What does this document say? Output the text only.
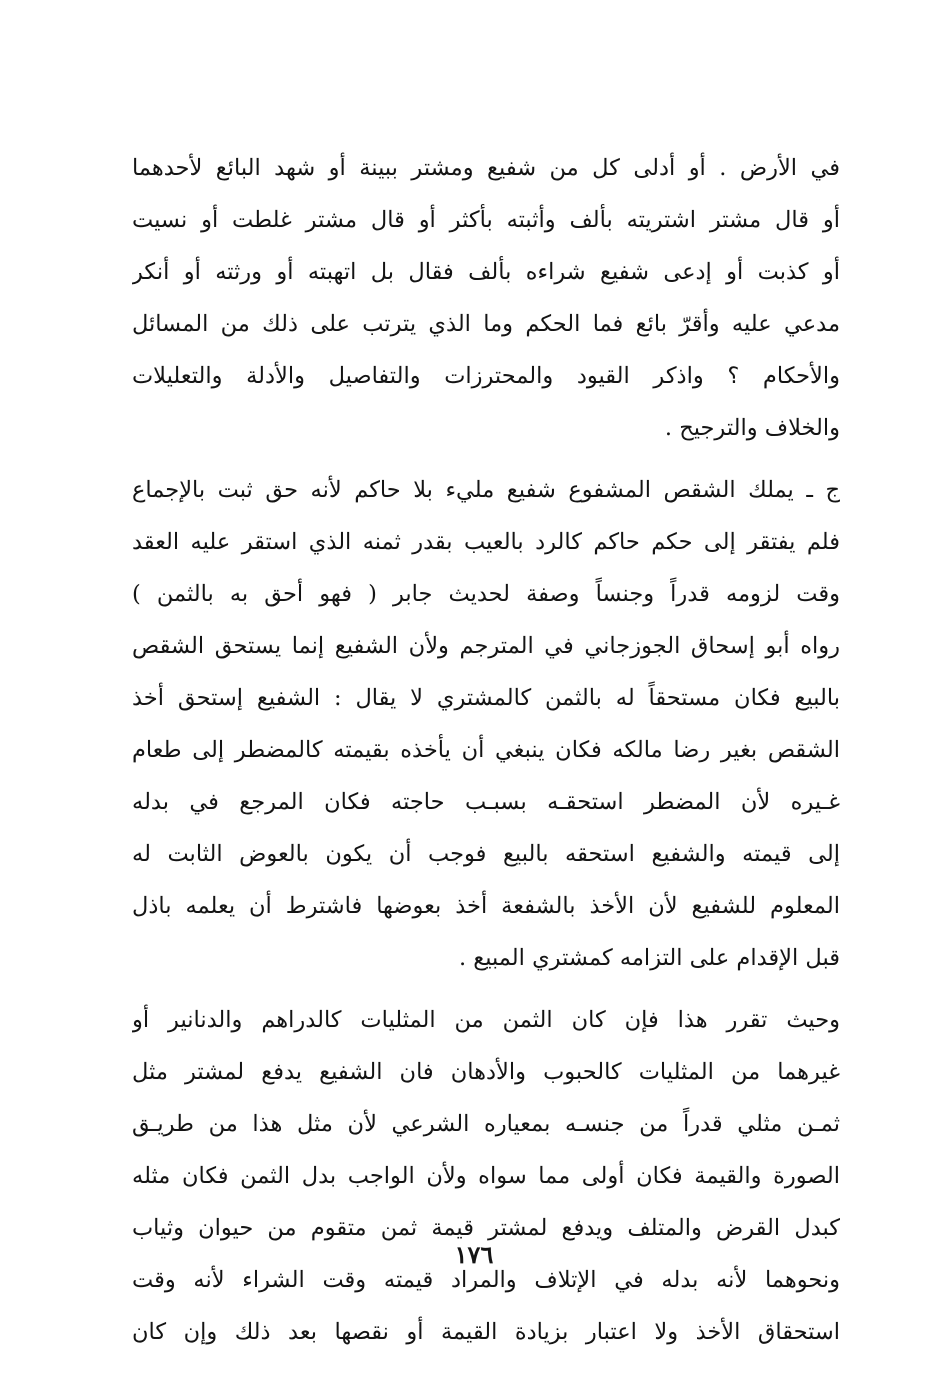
في الأرض . أو أدلى كل من شفيع ومشتر ببينة أو شهد البائع لأحدهما
أو قال مشتر اشتريته بألف وأثبته بأكثر أو قال مشتر غلطت أو نسيت
أو كذبت أو إدعى شفيع شراءه بألف فقال بل اتهبته أو ورثته أو أنكر
مدعي عليه وأقرّ بائع فما الحكم وما الذي يترتب على ذلك من المسائل
والأحكام ؟ واذكر القيود والمحترزات والتفاصيل والأدلة والتعليلات
والخلاف والترجيح .
ج ـ يملك الشقص المشفوع شفيع مليء بلا حاكم لأنه حق ثبت بالإجماع
فلم يفتقر إلى حكم حاكم كالرد بالعيب بقدر ثمنه الذي استقر عليه العقد
وقت لزومه قدراً وجنساً وصفة لحديث جابر ( فهو أحق به بالثمن )
رواه أبو إسحاق الجوزجاني في المترجم ولأن الشفيع إنما يستحق الشقص
بالبيع فكان مستحقاً له بالثمن كالمشتري لا يقال : الشفيع إستحق أخذ
الشقص بغير رضا مالكه فكان ينبغي أن يأخذه بقيمته كالمضطر إلى طعام
غـيره لأن المضطر استحقـه بسبـب حاجته فكان المرجع في بدله
إلى قيمته والشفيع استحقه بالبيع فوجب أن يكون بالعوض الثابت له
المعلوم للشفيع لأن الأخذ بالشفعة أخذ بعوضها فاشترط أن يعلمه باذل
قبل الإقدام على التزامه كمشتري المبيع .
وحيث تقرر هذا فإن كان الثمن من المثليات كالدراهم والدنانير أو
غيرهما من المثليات كالحبوب والأدهان فان الشفيع يدفع لمشتر مثل
ثمـن مثلي قدراً من جنسـه بمعياره الشرعي لأن مثل هذا من طريـق
الصورة والقيمة فكان أولى مما سواه ولأن الواجب بدل الثمن فكان مثله
كبدل القرض والمتلف ويدفع لمشتر قيمة ثمن متقوم من حيوان وثياب
ونحوهما لأنه بدله في الإتلاف والمراد قيمته وقت الشراء لأنه وقت
استحقاق الأخذ ولا اعتبار بزيادة القيمة أو نقصها بعد ذلك وإن كان
١٧٦
